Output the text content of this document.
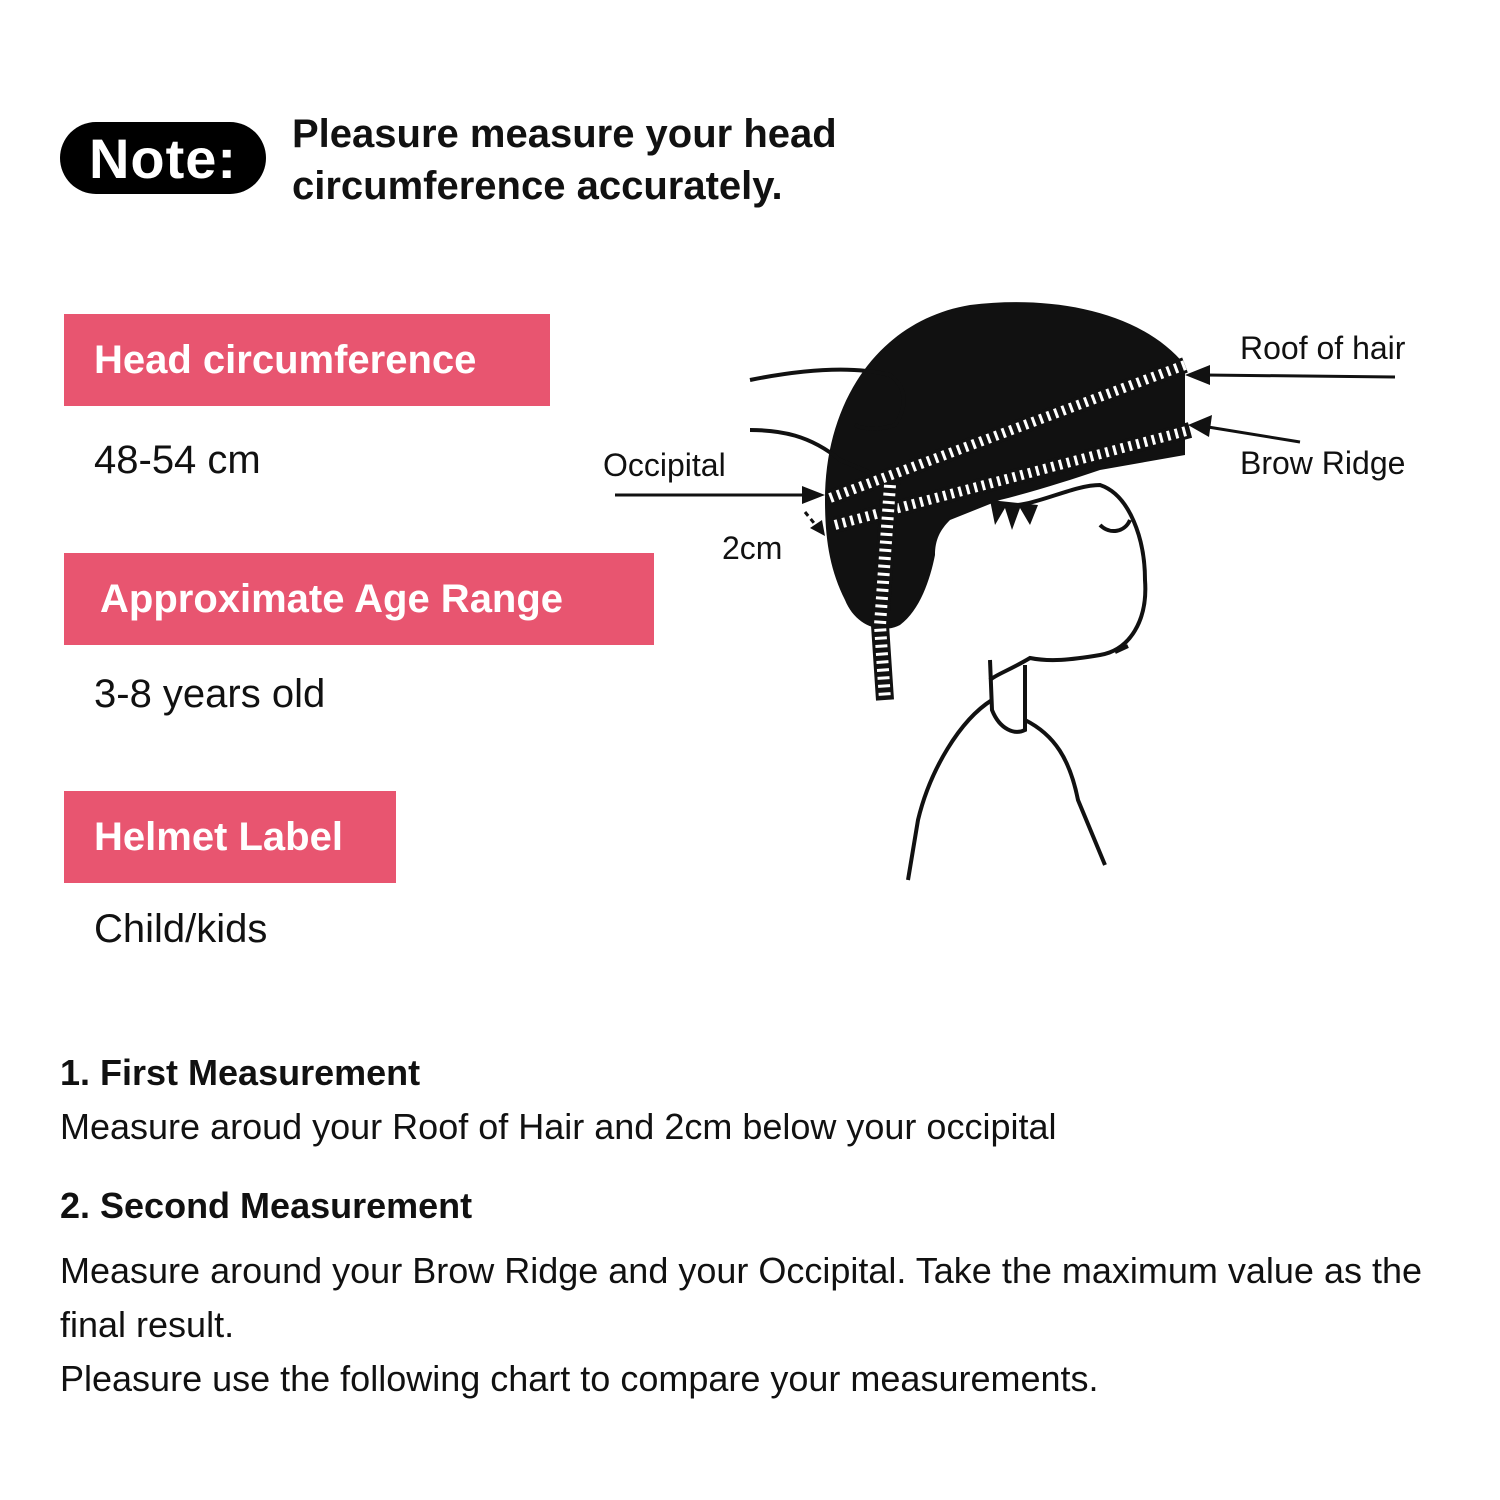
Note:	Pleasure measure your head circumference accurately.
Head circumference
48-54 cm
Approximate Age Range
3-8 years old
Helmet Label
Child/kids
Roof of hair
Brow Ridge
Occipital
2cm
1. First Measurement
Measure aroud your Roof of Hair and 2cm below your occipital
2. Second Measurement
Measure around your Brow Ridge and your Occipital. Take the maximum value as the final result.
Pleasure use the following chart to compare your measurements.
